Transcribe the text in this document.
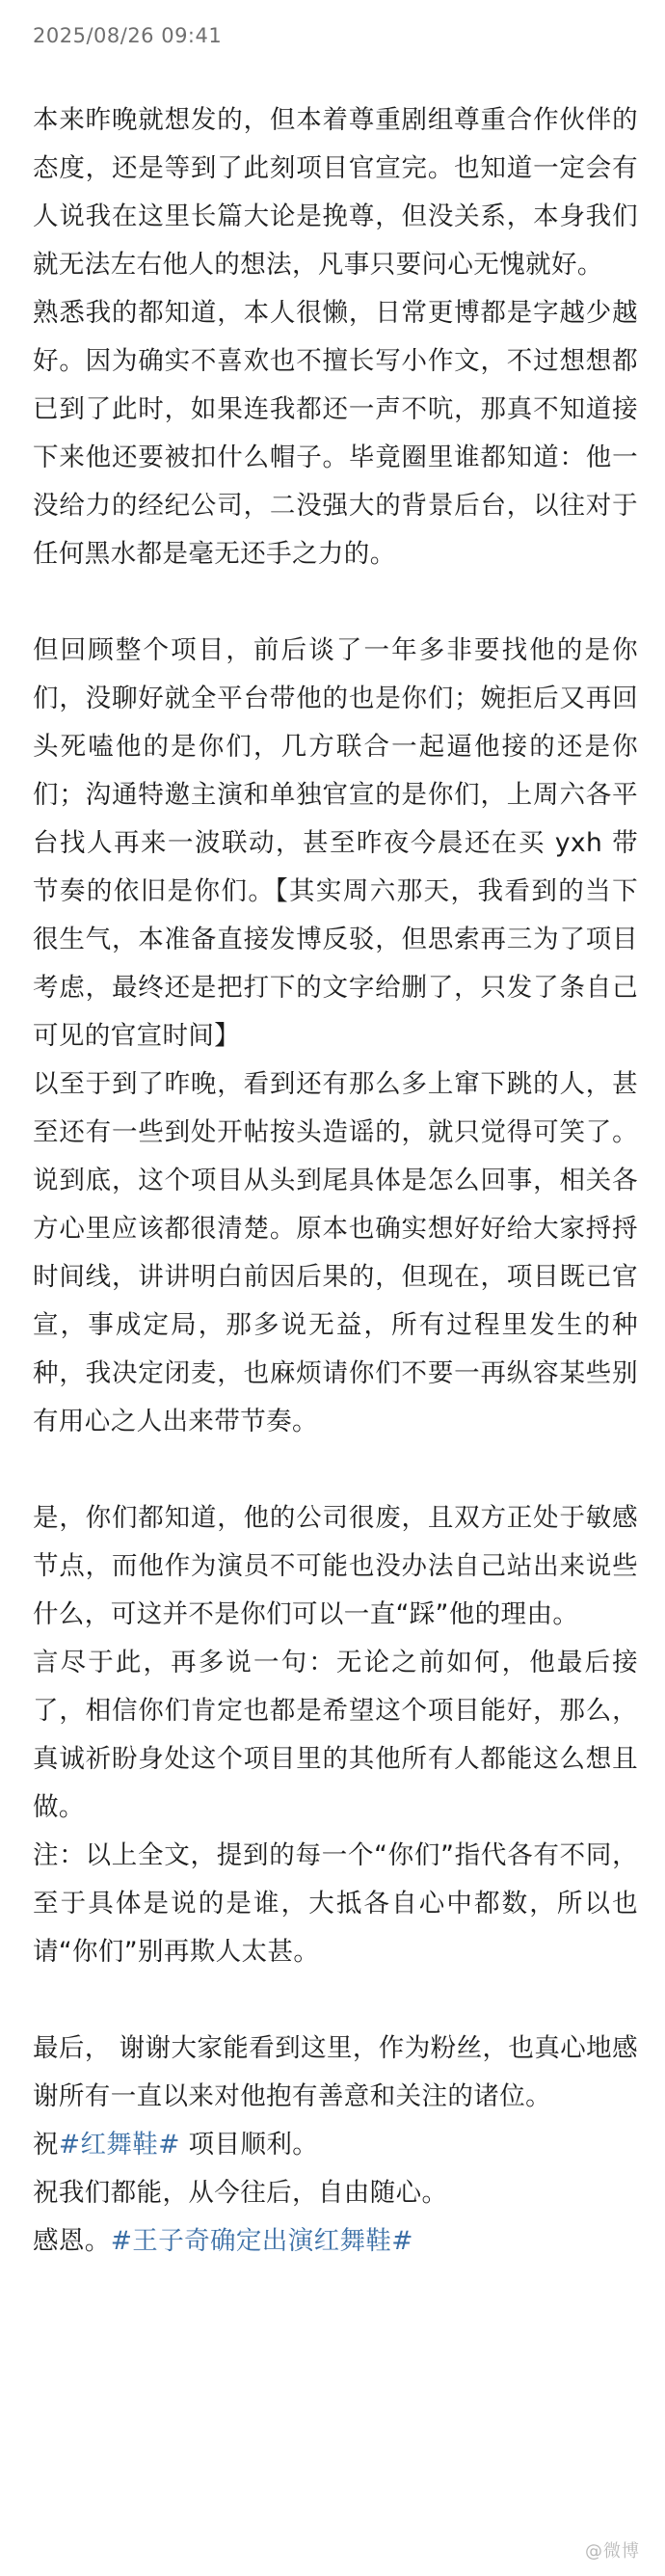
2025/08/26 09:41

本来昨晚就想发的，但本着尊重剧组尊重合作伙伴的态度，还是等到了此刻项目官宣完。也知道一定会有人说我在这里长篇大论是挽尊，但没关系，本身我们就无法左右他人的想法，凡事只要问心无愧就好。

熟悉我的都知道，本人很懒，日常更博都是字越少越好。因为确实不喜欢也不擅长写小作文，不过想想都已到了此时，如果连我都还一声不吭，那真不知道接下来他还要被扣什么帽子。毕竟圈里谁都知道：他一没给力的经纪公司，二没强大的背景后台，以往对于任何黑水都是毫无还手之力的。

但回顾整个项目，前后谈了一年多非要找他的是你们，没聊好就全平台带他的也是你们；婉拒后又再回头死嗑他的是你们，几方联合一起逼他接的还是你们；沟通特邀主演和单独官宣的是你们，上周六各平台找人再来一波联动，甚至昨夜今晨还在买 yxh 带节奏的依旧是你们。【其实周六那天，我看到的当下很生气，本准备直接发博反驳，但思索再三为了项目考虑，最终还是把打下的文字给删了，只发了条自己可见的官宣时间】

以至于到了昨晚，看到还有那么多上窜下跳的人，甚至还有一些到处开帖按头造谣的，就只觉得可笑了。说到底，这个项目从头到尾具体是怎么回事，相关各方心里应该都很清楚。原本也确实想好好给大家捋捋时间线，讲讲明白前因后果的，但现在，项目既已官宣，事成定局，那多说无益，所有过程里发生的种种，我决定闭麦，也麻烦请你们不要一再纵容某些别有用心之人出来带节奏。

是，你们都知道，他的公司很废，且双方正处于敏感节点，而他作为演员不可能也没办法自己站出来说些什么，可这并不是你们可以一直“踩”他的理由。

言尽于此，再多说一句：无论之前如何，他最后接了，相信你们肯定也都是希望这个项目能好，那么，真诚祈盼身处这个项目里的其他所有人都能这么想且做。

注：以上全文，提到的每一个“你们”指代各有不同，至于具体是说的是谁，大抵各自心中都数，所以也请“你们”别再欺人太甚。

最后， 谢谢大家能看到这里，作为粉丝，也真心地感谢所有一直以来对他抱有善意和关注的诸位。

祝#红舞鞋# 项目顺利。

祝我们都能，从今往后，自由随心。

感恩。#王子奇确定出演红舞鞋#

@微博
